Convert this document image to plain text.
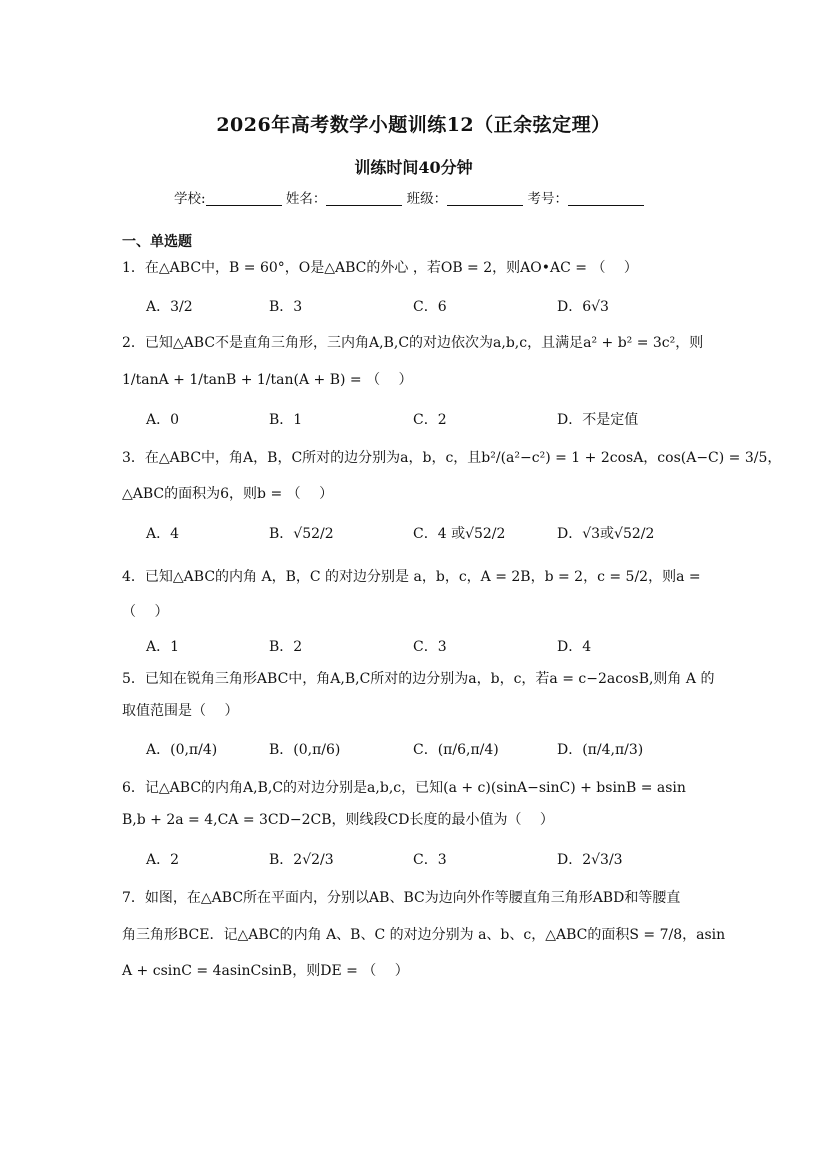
2026年高考数学小题训练12（正余弦定理）
训练时间40分钟
学校:	姓名：	班级：	考号：
一、单选题
1．在△ABC中，B = 60°，O是△ABC的外心 ，若OB = 2，则AO•AC = （　 ）
A．3/2	B．3	C．6	D．6√3
2．已知△ABC不是直角三角形，三内角A,B,C的对边依次为a,b,c，且满足a² + b² = 3c²，则
1/tanA + 1/tanB + 1/tan(A + B) = （　 ）
A．0	B．1	C．2	D．不是定值
3．在△ABC中，角A，B，C所对的边分别为a，b，c，且b²/(a²−c²) = 1 + 2cosA，cos(A−C) = 3/5，
△ABC的面积为6，则b = （　 ）
A．4	B．√52/2	C．4 或√52/2	D．√3或√52/2
4．已知△ABC的内角 A，B，C 的对边分别是 a，b，c，A = 2B，b = 2，c = 5/2，则a =
（　 ）
A．1	B．2	C．3	D．4
5．已知在锐角三角形ABC中，角A,B,C所对的边分别为a，b，c，若a = c−2acosB,则角 A 的
取值范围是（　 ）
A．(0,π/4)	B．(0,π/6)	C．(π/6,π/4)	D．(π/4,π/3)
6．记△ABC的内角A,B,C的对边分别是a,b,c，已知(a + c)(sinA−sinC) + bsinB = asin
B,b + 2a = 4,CA = 3CD−2CB，则线段CD长度的最小值为（　 ）
A．2	B．2√2/3	C．3	D．2√3/3
7．如图，在△ABC所在平面内，分别以AB、BC为边向外作等腰直角三角形ABD和等腰直
角三角形BCE．记△ABC的内角 A、B、C 的对边分别为 a、b、c，△ABC的面积S = 7/8，asin
A + csinC = 4asinCsinB，则DE = （　 ）
